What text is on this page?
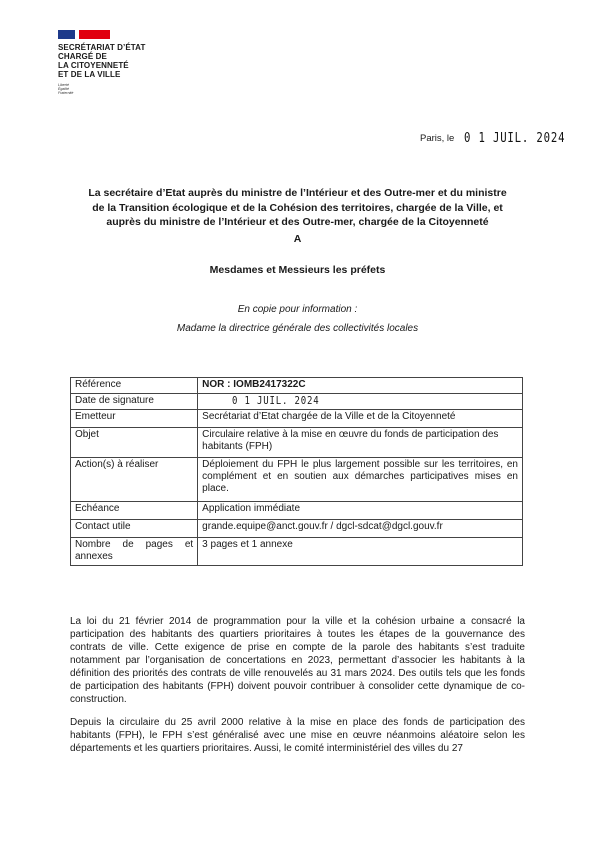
SECRÉTARIAT D’ÉTAT
CHARGÉ DE
LA CITOYENNETÉ
ET DE LA VILLE
Liberté
Égalité
Fraternité
Paris, le 0 1 JUIL. 2024
La secrétaire d’Etat auprès du ministre de l’Intérieur et des Outre-mer et du ministre
de la Transition écologique et de la Cohésion des territoires, chargée de la Ville, et
auprès du ministre de l’Intérieur et des Outre-mer, chargée de la Citoyenneté
A
Mesdames et Messieurs les préfets
En copie pour information :
Madame la directrice générale des collectivités locales
Référence	NOR : IOMB2417322C
Date de signature	0 1 JUIL. 2024
Emetteur	Secrétariat d’Etat chargée de la Ville et de la Citoyenneté
Objet	Circulaire relative à la mise en œuvre du fonds de participation des habitants (FPH)
Action(s) à réaliser	Déploiement du FPH le plus largement possible sur les territoires, en complément et en soutien aux démarches participatives mises en place.
Echéance	Application immédiate
Contact utile	grande.equipe@anct.gouv.fr / dgcl-sdcat@dgcl.gouv.fr
Nombre de pages et annexes	3 pages et 1 annexe
La loi du 21 février 2014 de programmation pour la ville et la cohésion urbaine a consacré la participation des habitants des quartiers prioritaires à toutes les étapes de la gouvernance des contrats de ville. Cette exigence de prise en compte de la parole des habitants s’est traduite notamment par l’organisation de concertations en 2023, permettant d’associer les habitants à la définition des priorités des contrats de ville renouvelés au 31 mars 2024. Des outils tels que les fonds de participation des habitants (FPH) doivent pouvoir contribuer à consolider cette dynamique de co-construction.
Depuis la circulaire du 25 avril 2000 relative à la mise en place des fonds de participation des habitants (FPH), le FPH s’est généralisé avec une mise en œuvre néanmoins aléatoire selon les départements et les quartiers prioritaires. Aussi, le comité interministériel des villes du 27
